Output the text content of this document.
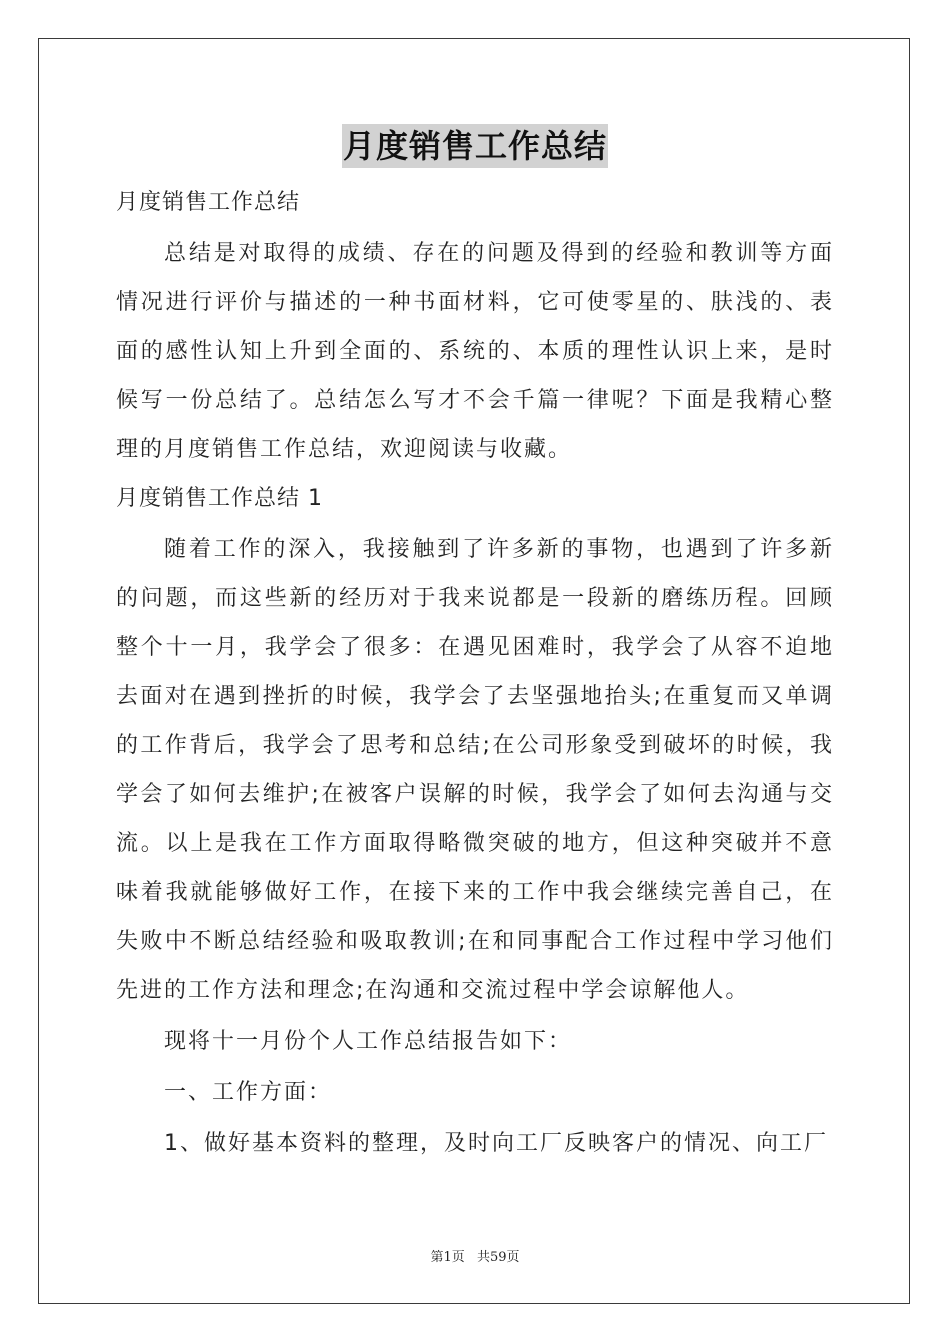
月度销售工作总结

月度销售工作总结

总结是对取得的成绩、存在的问题及得到的经验和教训等方面情况进行评价与描述的一种书面材料，它可使零星的、肤浅的、表面的感性认知上升到全面的、系统的、本质的理性认识上来，是时候写一份总结了。总结怎么写才不会千篇一律呢？下面是我精心整理的月度销售工作总结，欢迎阅读与收藏。

月度销售工作总结 1

随着工作的深入，我接触到了许多新的事物，也遇到了许多新的问题，而这些新的经历对于我来说都是一段新的磨练历程。回顾整个十一月，我学会了很多：在遇见困难时，我学会了从容不迫地去面对在遇到挫折的时候，我学会了去坚强地抬头;在重复而又单调的工作背后，我学会了思考和总结;在公司形象受到破坏的时候，我学会了如何去维护;在被客户误解的时候，我学会了如何去沟通与交流。以上是我在工作方面取得略微突破的地方，但这种突破并不意味着我就能够做好工作，在接下来的工作中我会继续完善自己，在失败中不断总结经验和吸取教训;在和同事配合工作过程中学习他们先进的工作方法和理念;在沟通和交流过程中学会谅解他人。

现将十一月份个人工作总结报告如下：

一、工作方面：

1、做好基本资料的整理，及时向工厂反映客户的情况、向工厂

第1页 共59页
